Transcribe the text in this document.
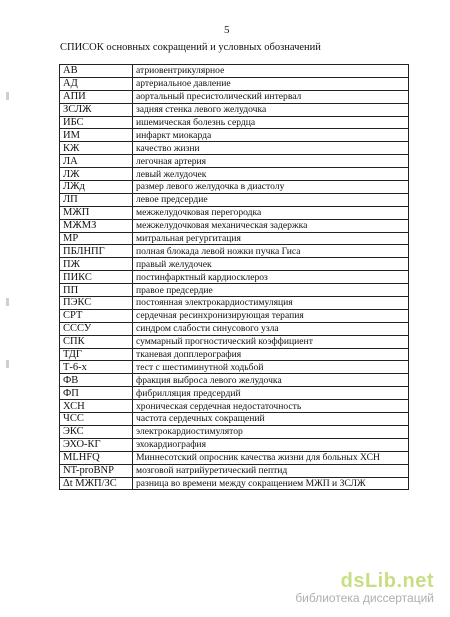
5
СПИСОК основных сокращений и условных обозначений
АВ	атриовентрикулярное
АД	артериальное давление
АПИ	аортальный пресистолический интервал
ЗСЛЖ	задняя стенка левого желудочка
ИБС	ишемическая болезнь сердца
ИМ	инфаркт миокарда
КЖ	качество жизни
ЛА	легочная артерия
ЛЖ	левый желудочек
ЛЖд	размер левого желудочка в диастолу
ЛП	левое предсердие
МЖП	межжелудочковая перегородка
МЖМЗ	межжелудочковая механическая задержка
МР	митральная регургитация
ПБЛНПГ	полная блокада левой ножки пучка Гиса
ПЖ	правый желудочек
ПИКС	постинфарктный кардиосклероз
ПП	правое предсердие
ПЭКС	постоянная электрокардиостимуляция
СРТ	сердечная ресинхронизирующая терапия
СССУ	синдром слабости синусового узла
СПК	суммарный прогностический коэффициент
ТДГ	тканевая допплерография
Т-6-х	тест с шестиминутной ходьбой
ФВ	фракция выброса левого желудочка
ФП	фибрилляция предсердий
ХСН	хроническая сердечная недостаточность
ЧСС	частота сердечных сокращений
ЭКС	электрокардиостимулятор
ЭХО-КГ	эхокардиография
MLHFQ	Миннесотский опросник качества жизни для больных ХСН
NT-proBNP	мозговой натрийуретический пептид
Δt МЖП/ЗС	разница во времени между сокращением МЖП и ЗСЛЖ
dsLib.net
библиотека диссертаций
